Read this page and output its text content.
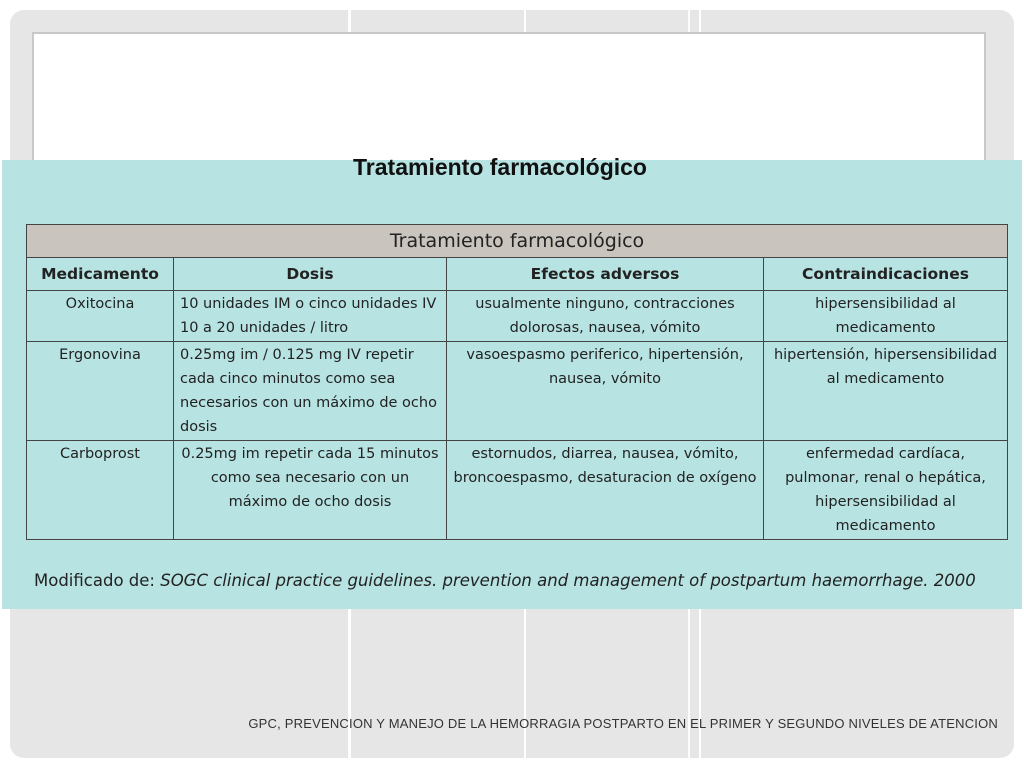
Tratamiento farmacológico
Tratamiento farmacológico			
Medicamento	Dosis	Efectos adversos	Contraindicaciones
Oxitocina	10 unidades IM o cinco unidades IV 10 a 20 unidades / litro	usualmente ninguno, contracciones dolorosas, nausea, vómito	hipersensibilidad al medicamento
Ergonovina	0.25mg im / 0.125 mg IV repetir cada cinco minutos como sea necesarios con un máximo de ocho dosis	vasoespasmo periferico, hipertensión, nausea, vómito	hipertensión, hipersensibilidad al medicamento
Carboprost	0.25mg im repetir cada 15 minutos como sea necesario con un máximo de ocho dosis	estornudos, diarrea, nausea, vómito, broncoespasmo, desaturacion de oxígeno	enfermedad cardíaca, pulmonar, renal o hepática, hipersensibilidad al medicamento
Modificado de: SOGC clinical practice guidelines. prevention and management of postpartum haemorrhage. 2000
GPC, PREVENCION Y MANEJO DE LA HEMORRAGIA POSTPARTO EN EL PRIMER Y SEGUNDO NIVELES DE ATENCION
